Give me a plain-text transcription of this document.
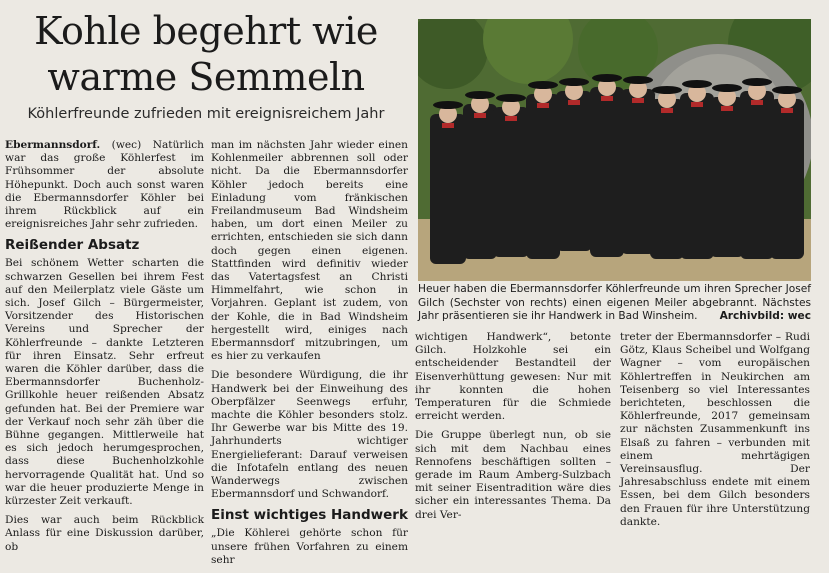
Kohle begehrt wie
warme Semmeln
Köhlerfreunde zufrieden mit ereignisreichem Jahr

Ebermannsdorf. (wec) Natürlich war das große Köhlerfest im Frühsommer der absolute Höhepunkt. Doch auch sonst waren die Ebermannsdorfer Köhler bei ihrem Rückblick auf ein ereignisreiches Jahr sehr zufrieden.

Reißender Absatz

Bei schönem Wetter scharten die schwarzen Gesellen bei ihrem Fest auf den Meilerplatz viele Gäste um sich. Josef Gilch – Bürgermeister, Vorsitzender des Historischen Vereins und Sprecher der Köhlerfreunde – dankte Letzteren für ihren Einsatz. Sehr erfreut waren die Köhler darüber, dass die Ebermannsdorfer Buchenholz-Grillkohle heuer reißenden Absatz gefunden hat. Bei der Premiere war der Verkauf noch sehr zäh über die Bühne gegangen. Mittlerweile hat es sich jedoch herumgesprochen, dass diese Buchenholzkohle hervorragende Qualität hat. Und so war die heuer produzierte Menge in kürzester Zeit verkauft.

Dies war auch beim Rückblick Anlass für eine Diskussion darüber, ob

man im nächsten Jahr wieder einen Kohlenmeiler abbrennen soll oder nicht. Da die Ebermannsdorfer Köhler jedoch bereits eine Einladung vom fränkischen Freilandmuseum Bad Windsheim haben, um dort einen Meiler zu errichten, entschieden sie sich dann doch gegen einen eigenen. Stattfinden wird definitiv wieder das Vatertagsfest an Christi Himmelfahrt, wie schon in Vorjahren. Geplant ist zudem, von der Kohle, die in Bad Windsheim hergestellt wird, einiges nach Ebermannsdorf mitzubringen, um es hier zu verkaufen

Die besondere Würdigung, die ihr Handwerk bei der Einweihung des Oberpfälzer Seenwegs erfuhr, machte die Köhler besonders stolz. Ihr Gewerbe war bis Mitte des 19. Jahrhunderts wichtiger Energielieferant: Darauf verweisen die Infotafeln entlang des neuen Wanderwegs zwischen Ebermannsdorf und Schwandorf.

Einst wichtiges Handwerk

„Die Köhlerei gehörte schon für unsere frühen Vorfahren zu einem sehr

Heuer haben die Ebermannsdorfer Köhlerfreunde um ihren Sprecher Josef Gilch (Sechster von rechts) einen eigenen Meiler abgebrannt. Nächstes Jahr präsentieren sie ihr Handwerk in Bad Winsheim. Archivbild: wec

wichtigen Handwerk“, betonte Gilch. Holzkohle sei ein entscheidender Bestandteil der Eisenverhüttung gewesen: Nur mit ihr konnten die hohen Temperaturen für die Schmiede erreicht werden.

Die Gruppe überlegt nun, ob sie sich mit dem Nachbau eines Rennofens beschäftigen sollten – gerade im Raum Amberg-Sulzbach mit seiner Eisentradition wäre dies sicher ein interessantes Thema. Da drei Ver-

treter der Ebermannsdorfer – Rudi Götz, Klaus Scheibel und Wolfgang Wagner – vom europäischen Köhlertreffen in Neukirchen am Teisenberg so viel Interessantes berichteten, beschlossen die Köhlerfreunde, 2017 gemeinsam zur nächsten Zusammenkunft ins Elsaß zu fahren – verbunden mit einem mehrtägigen Vereinsausflug. Der Jahresabschluss endete mit einem Essen, bei dem Gilch besonders den Frauen für ihre Unterstützung dankte.
